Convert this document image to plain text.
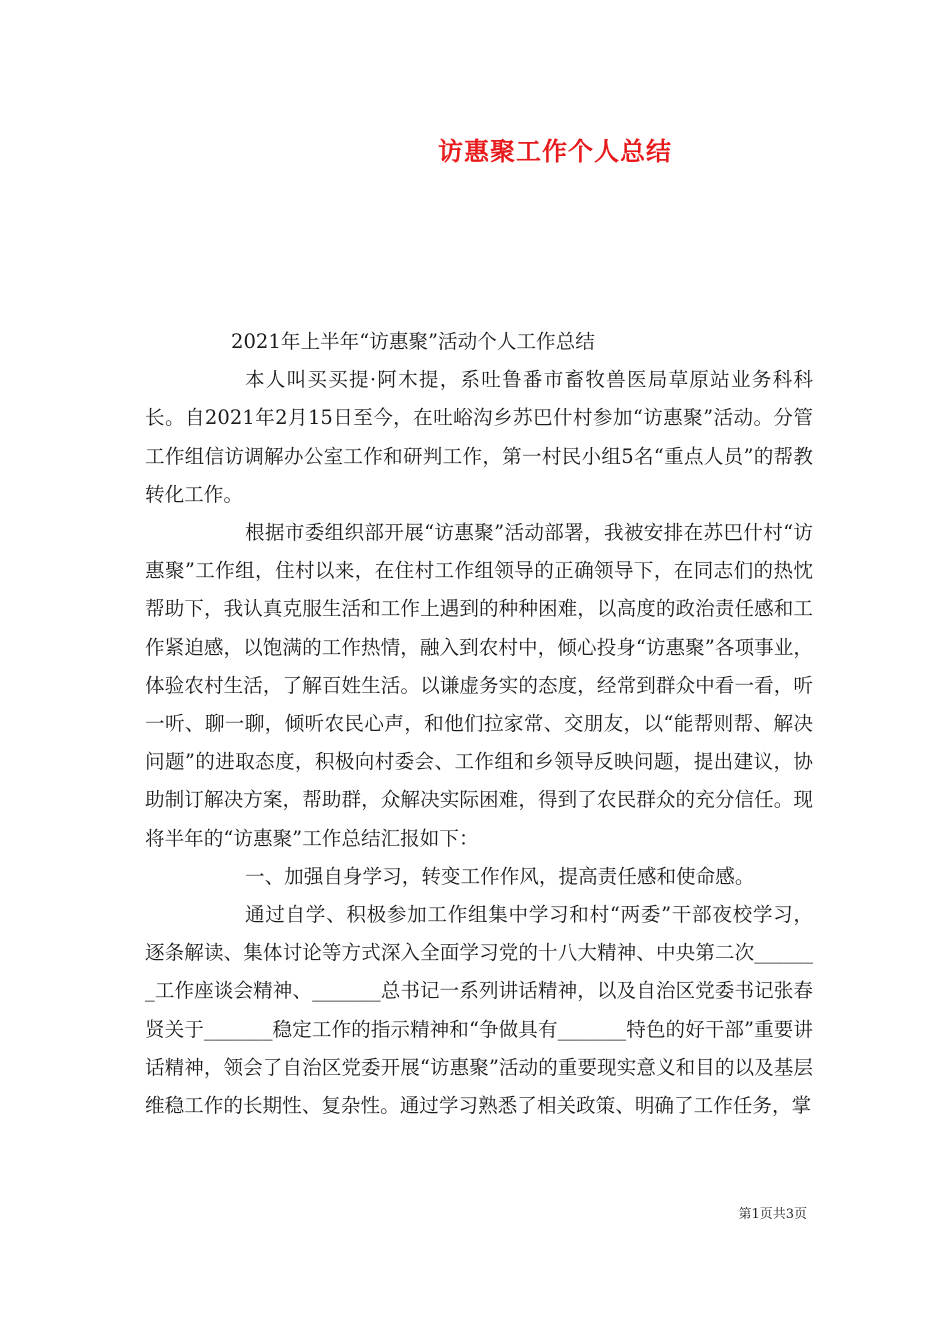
访惠聚工作个人总结

2021年上半年“访惠聚”活动个人工作总结

本人叫买买提·阿木提，系吐鲁番市畜牧兽医局草原站业务科科长。自2021年2月15日至今，在吐峪沟乡苏巴什村参加“访惠聚”活动。分管工作组信访调解办公室工作和研判工作，第一村民小组5名“重点人员”的帮教转化工作。

根据市委组织部开展“访惠聚”活动部署，我被安排在苏巴什村“访惠聚”工作组，住村以来，在住村工作组领导的正确领导下，在同志们的热忱帮助下，我认真克服生活和工作上遇到的种种困难，以高度的政治责任感和工作紧迫感，以饱满的工作热情，融入到农村中，倾心投身“访惠聚”各项事业，体验农村生活，了解百姓生活。以谦虚务实的态度，经常到群众中看一看，听一听、聊一聊，倾听农民心声，和他们拉家常、交朋友，以“能帮则帮、解决问题”的进取态度，积极向村委会、工作组和乡领导反映问题，提出建议，协助制订解决方案，帮助群，众解决实际困难，得到了农民群众的充分信任。现将半年的“访惠聚”工作总结汇报如下：

一、加强自身学习，转变工作作风，提高责任感和使命感。

通过自学、积极参加工作组集中学习和村“两委”干部夜校学习，逐条解读、集体讨论等方式深入全面学习党的十八大精神、中央第二次_______工作座谈会精神、_______总书记一系列讲话精神，以及自治区党委书记张春贤关于_______稳定工作的指示精神和“争做具有_______特色的好干部”重要讲话精神，领会了自治区党委开展“访惠聚”活动的重要现实意义和目的以及基层维稳工作的长期性、复杂性。通过学习熟悉了相关政策、明确了工作任务，掌

第1页共3页
